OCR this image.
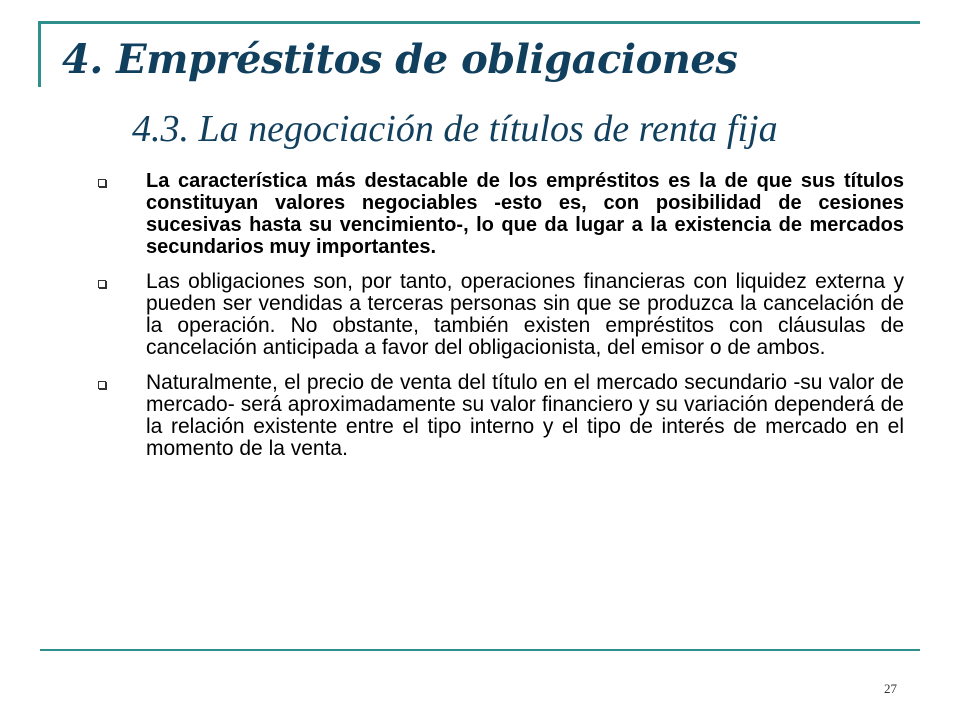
4. Empréstitos de obligaciones
4.3. La negociación de títulos de renta fija
La característica más destacable de los empréstitos es la de que sus títulos constituyan valores negociables -esto es, con posibilidad de cesiones sucesivas hasta su vencimiento-, lo que da lugar a la existencia de mercados secundarios muy importantes.
Las obligaciones son, por tanto, operaciones financieras con liquidez externa y pueden ser vendidas a terceras personas sin que se produzca la cancelación de la operación. No obstante, también existen empréstitos con cláusulas de cancelación anticipada a favor del obligacionista, del emisor o de ambos.
Naturalmente, el precio de venta del título en el mercado secundario -su valor de mercado- será aproximadamente su valor financiero y su variación dependerá de la relación existente entre el tipo interno y el tipo de interés de mercado en el momento de la venta.
27
